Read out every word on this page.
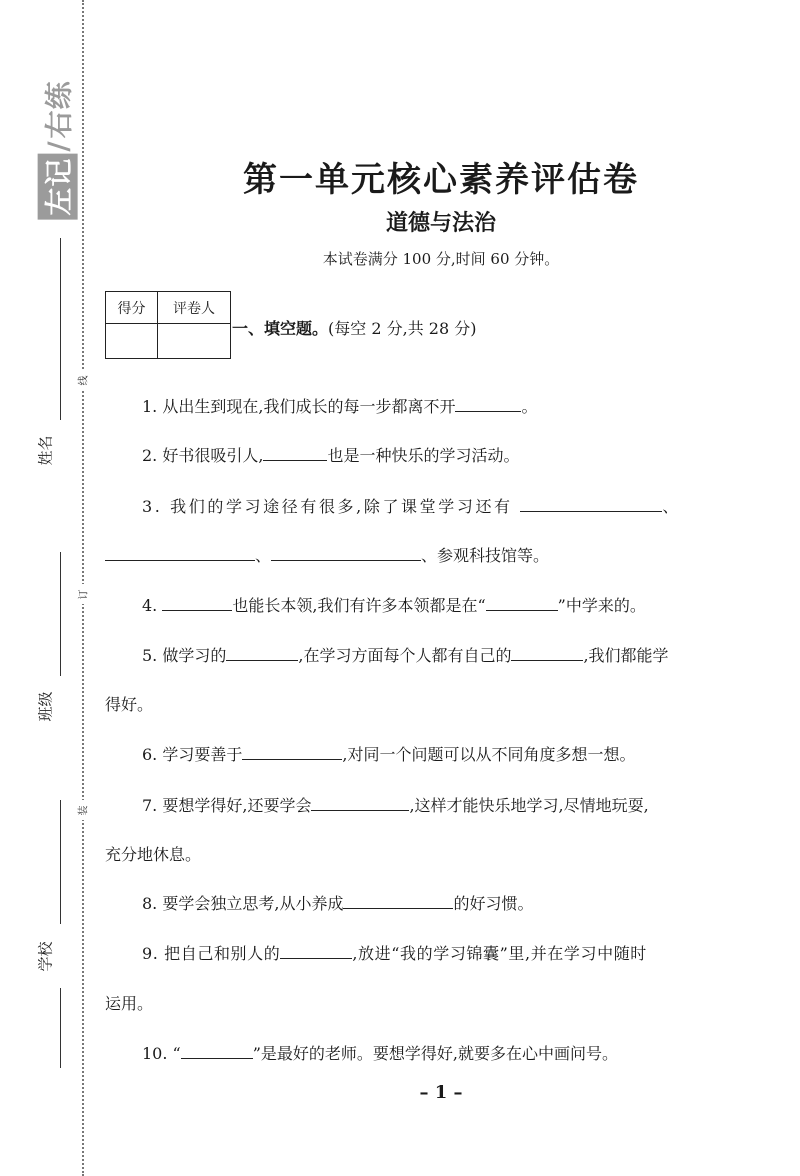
左记
/
右练
姓名
班级
学校
线
订
装
第一单元核心素养评估卷
道德与法治
本试卷满分 100 分,时间 60 分钟。
得分	评卷人
一、填空题。(每空 2 分,共 28 分)
1. 从出生到现在,我们成长的每一步都离不开	。
2. 好书很吸引人,	也是一种快乐的学习活动。
3. 我们的学习途径有很多,除了课堂学习还有	、
、	、参观科技馆等。
4.	也能长本领,我们有许多本领都是在“	”中学来的。
5. 做学习的	,在学习方面每个人都有自己的	,我们都能学
得好。
6. 学习要善于	,对同一个问题可以从不同角度多想一想。
7. 要想学得好,还要学会	,这样才能快乐地学习,尽情地玩耍,
充分地休息。
8. 要学会独立思考,从小养成	的好习惯。
9. 把自己和别人的	,放进“我的学习锦囊”里,并在学习中随时
运用。
10. “	”是最好的老师。要想学得好,就要多在心中画问号。
– 1 –
